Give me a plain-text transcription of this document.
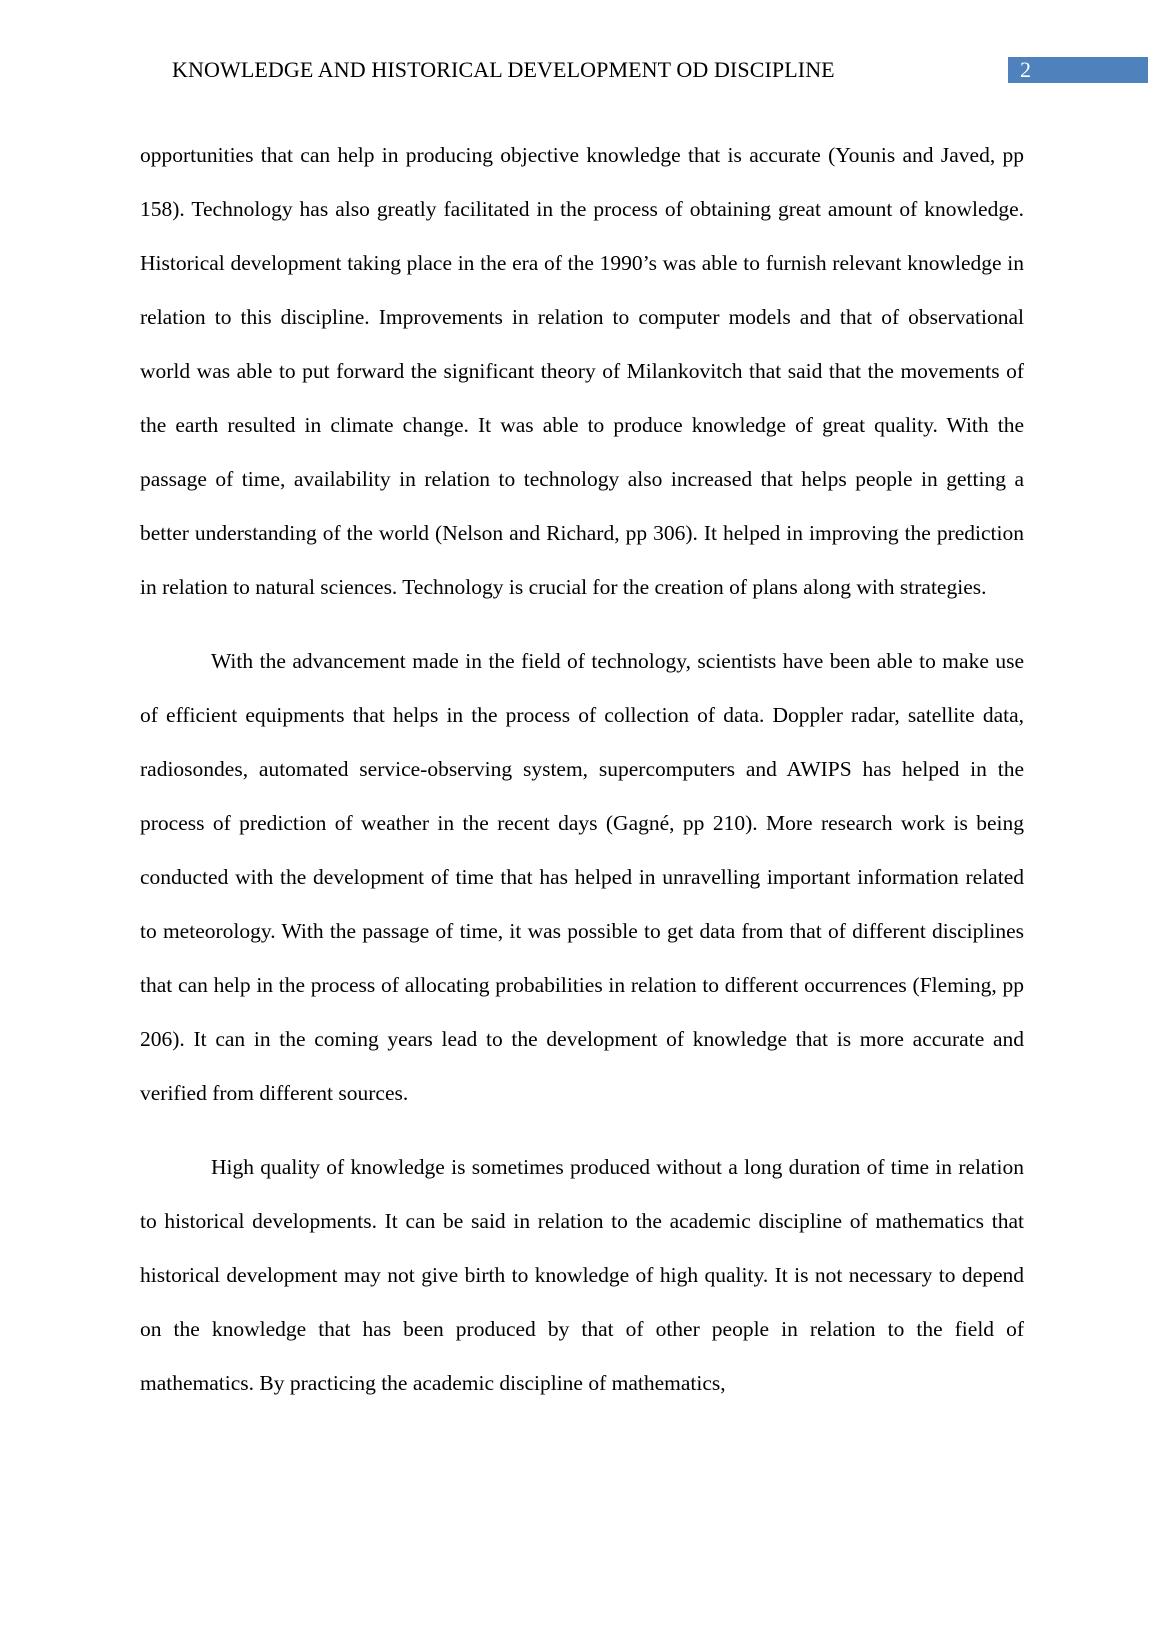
KNOWLEDGE AND HISTORICAL DEVELOPMENT OD DISCIPLINE	2

opportunities that can help in producing objective knowledge that is accurate (Younis and Javed, pp 158). Technology has also greatly facilitated in the process of obtaining great amount of knowledge. Historical development taking place in the era of the 1990’s was able to furnish relevant knowledge in relation to this discipline. Improvements in relation to computer models and that of observational world was able to put forward the significant theory of Milankovitch that said that the movements of the earth resulted in climate change. It was able to produce knowledge of great quality. With the passage of time, availability in relation to technology also increased that helps people in getting a better understanding of the world (Nelson and Richard, pp 306). It helped in improving the prediction in relation to natural sciences. Technology is crucial for the creation of plans along with strategies.

With the advancement made in the field of technology, scientists have been able to make use of efficient equipments that helps in the process of collection of data. Doppler radar, satellite data, radiosondes, automated service-observing system, supercomputers and AWIPS has helped in the process of prediction of weather in the recent days (Gagné, pp 210). More research work is being conducted with the development of time that has helped in unravelling important information related to meteorology. With the passage of time, it was possible to get data from that of different disciplines that can help in the process of allocating probabilities in relation to different occurrences (Fleming, pp 206). It can in the coming years lead to the development of knowledge that is more accurate and verified from different sources.

High quality of knowledge is sometimes produced without a long duration of time in relation to historical developments. It can be said in relation to the academic discipline of mathematics that historical development may not give birth to knowledge of high quality. It is not necessary to depend on the knowledge that has been produced by that of other people in relation to the field of mathematics. By practicing the academic discipline of mathematics,
